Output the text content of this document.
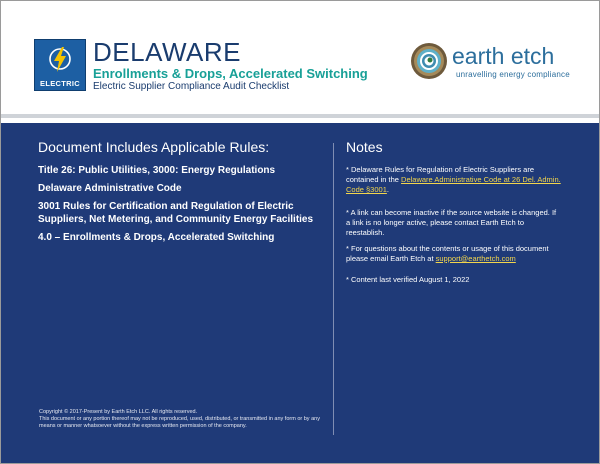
ELECTRIC
DELAWARE
Enrollments & Drops, Accelerated Switching
Electric Supplier Compliance Audit Checklist
earth etch
unravelling energy compliance
Document Includes Applicable Rules:
Title 26: Public Utilities, 3000: Energy Regulations
Delaware Administrative Code
3001 Rules for Certification and Regulation of Electric Suppliers, Net Metering, and Community Energy Facilities
4.0 – Enrollments & Drops, Accelerated Switching
Notes
* Delaware Rules for Regulation of Electric Suppliers are contained in the Delaware Administrative Code at 26 Del. Admin. Code §3001.
* A link can become inactive if the source website is changed. If a link is no longer active, please contact Earth Etch to reestablish.
* For questions about the contents or usage of this document please email Earth Etch at support@earthetch.com
* Content last verified August 1, 2022
Copyright © 2017-Present by Earth Etch LLC. All rights reserved.
This document or any portion thereof may not be reproduced, used, distributed, or transmitted in any form or by any means or manner whatsoever without the express written permission of the company.
